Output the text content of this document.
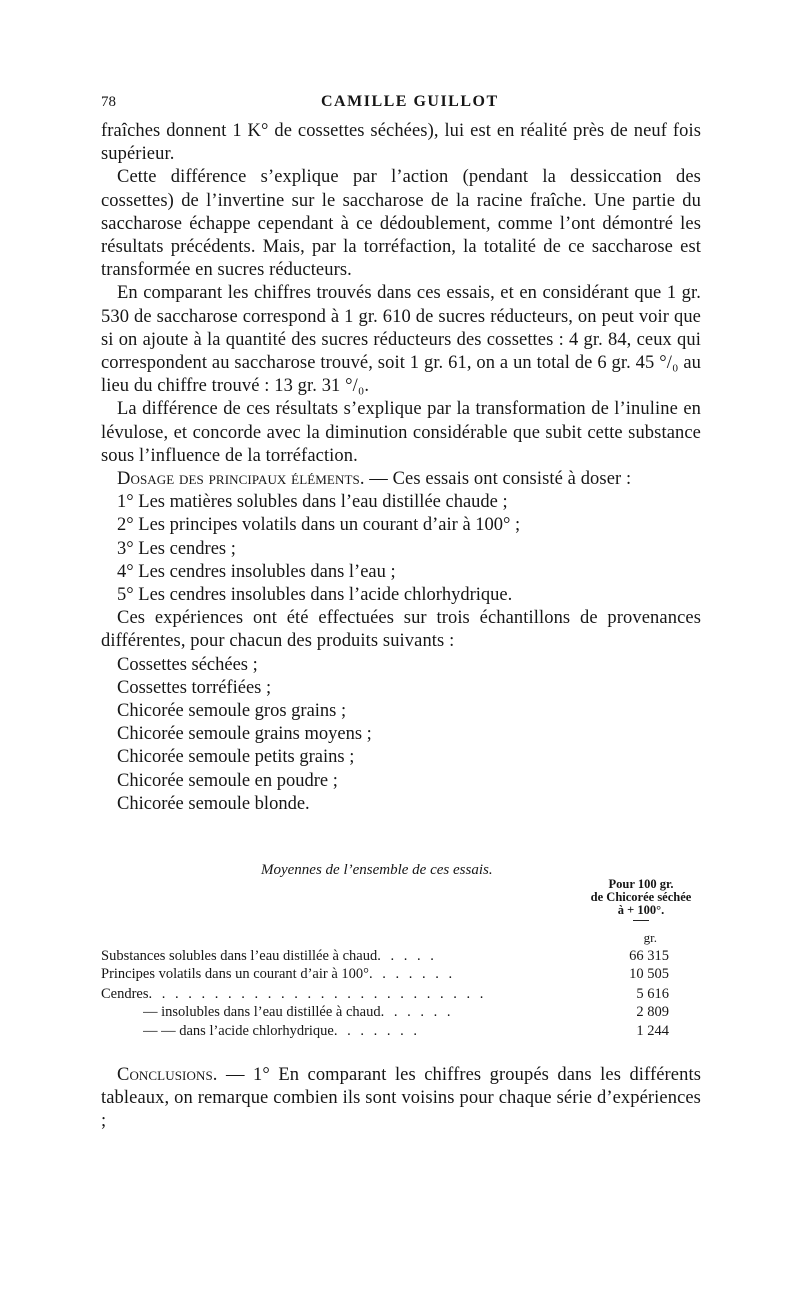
78	CAMILLE GUILLOT

fraîches donnent 1 K° de cossettes séchées), lui est en réalité près de neuf fois supérieur.

Cette différence s’explique par l’action (pendant la dessiccation des cossettes) de l’invertine sur le saccharose de la racine fraîche. Une partie du saccharose échappe cependant à ce dédoublement, comme l’ont démontré les résultats précédents. Mais, par la torréfaction, la totalité de ce saccharose est transformée en sucres réducteurs.

En comparant les chiffres trouvés dans ces essais, et en considérant que 1 gr. 530 de saccharose correspond à 1 gr. 610 de sucres réducteurs, on peut voir que si on ajoute à la quantité des sucres réducteurs des cossettes : 4 gr. 84, ceux qui correspondent au saccharose trouvé, soit 1 gr. 61, on a un total de 6 gr. 45 °/₀ au lieu du chiffre trouvé : 13 gr. 31 °/₀.

La différence de ces résultats s’explique par la transformation de l’inuline en lévulose, et concorde avec la diminution considérable que subit cette substance sous l’influence de la torréfaction.

Dosage des principaux éléments. — Ces essais ont consisté à doser :

1° Les matières solubles dans l’eau distillée chaude ;

2° Les principes volatils dans un courant d’air à 100° ;

3° Les cendres ;

4° Les cendres insolubles dans l’eau ;

5° Les cendres insolubles dans l’acide chlorhydrique.

Ces expériences ont été effectuées sur trois échantillons de provenances différentes, pour chacun des produits suivants :

Cossettes séchées ;

Cossettes torréfiées ;

Chicorée semoule gros grains ;

Chicorée semoule grains moyens ;

Chicorée semoule petits grains ;

Chicorée semoule en poudre ;

Chicorée semoule blonde.

Moyennes de l’ensemble de ces essais.
Pour 100 gr.
de Chicorée séchée
à + 100°.
gr.
Substances solubles dans l’eau distillée à chaud. . . . .	66 315
Principes volatils dans un courant d’air à 100°. . . . . . .	10 505
Cendres. . . . . . . . . . . . . . . . . . . . . . . . . .	5 616
— insolubles dans l’eau distillée à chaud. . . . . .	2 809
— — dans l’acide chlorhydrique. . . . . . .	1 244

Conclusions. — 1° En comparant les chiffres groupés dans les différents tableaux, on remarque combien ils sont voisins pour chaque série d’expériences ;
